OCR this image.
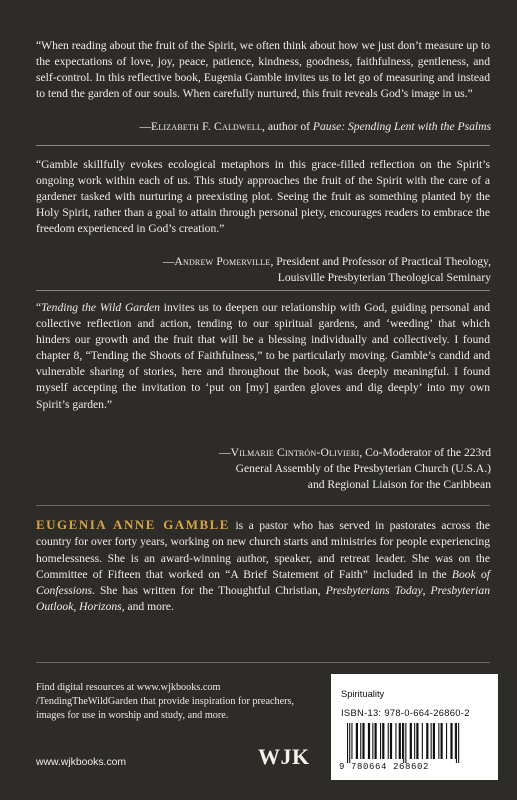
“When reading about the fruit of the Spirit, we often think about how we just don’t measure up to the expectations of love, joy, peace, patience, kindness, goodness, faithfulness, gentleness, and self-control. In this reflective book, Eugenia Gamble invites us to let go of measuring and instead to tend the garden of our souls. When carefully nurtured, this fruit reveals God’s image in us.”

—Elizabeth F. Caldwell, author of Pause: Spending Lent with the Psalms

“Gamble skillfully evokes ecological metaphors in this grace-filled reflection on the Spirit’s ongoing work within each of us. This study approaches the fruit of the Spirit with the care of a gardener tasked with nurturing a preexisting plot. Seeing the fruit as something planted by the Holy Spirit, rather than a goal to attain through personal piety, encourages readers to embrace the freedom experienced in God’s creation.”

—Andrew Pomerville, President and Professor of Practical Theology,
Louisville Presbyterian Theological Seminary

“Tending the Wild Garden invites us to deepen our relationship with God, guiding personal and collective reflection and action, tending to our spiritual gardens, and ‘weeding’ that which hinders our growth and the fruit that will be a blessing individually and collectively. I found chapter 8, “Tending the Shoots of Faithfulness,” to be particularly moving. Gamble’s candid and vulnerable sharing of stories, here and throughout the book, was deeply meaningful. I found myself accepting the invitation to ‘put on [my] garden gloves and dig deeply’ into my own Spirit’s garden.”

—Vilmarie Cintrón-Olivieri, Co-Moderator of the 223rd
General Assembly of the Presbyterian Church (U.S.A.)
and Regional Liaison for the Caribbean

EUGENIA ANNE GAMBLE is a pastor who has served in pastorates across the country for over forty years, working on new church starts and ministries for people experiencing homelessness. She is an award-winning author, speaker, and retreat leader. She was on the Committee of Fifteen that worked on “A Brief Statement of Faith” included in the Book of Confessions. She has written for the Thoughtful Christian, Presbyterians Today, Presbyterian Outlook, Horizons, and more.

Find digital resources at www.wjkbooks.com /TendingTheWildGarden that provide inspiration for preachers, images for use in worship and study, and more.

www.wjkbooks.com	WJK
Spirituality
ISBN-13: 978-0-664-26860-2
9 780664 268602
